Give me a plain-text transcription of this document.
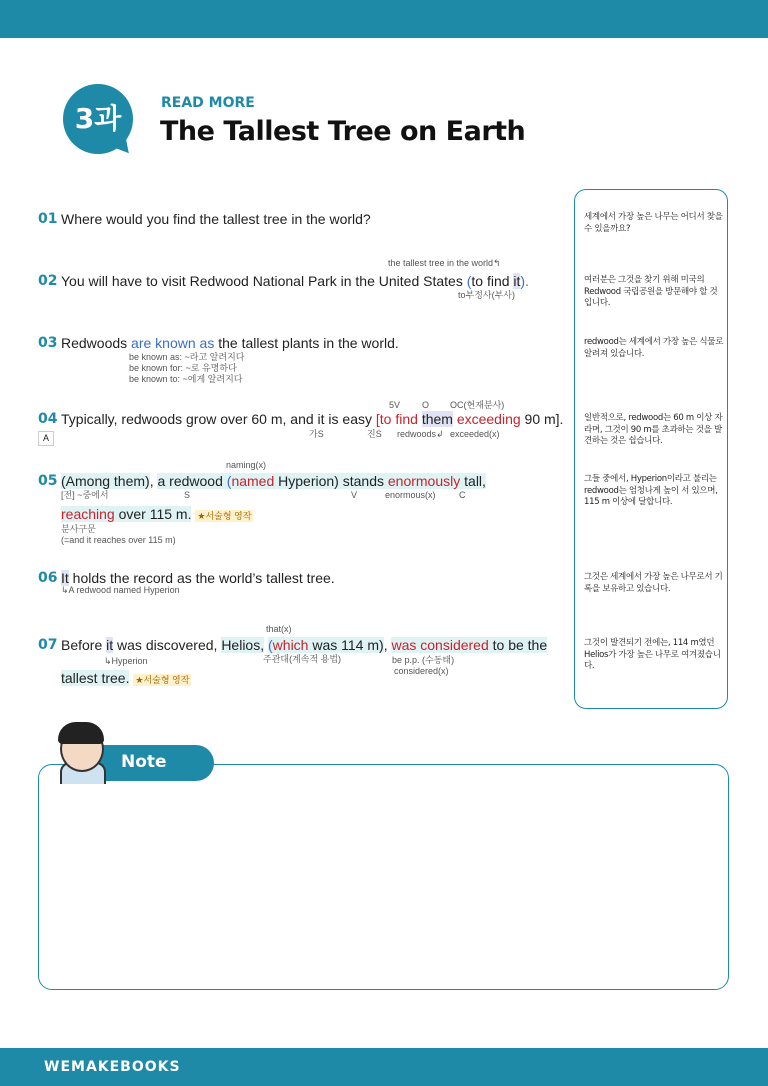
3과	READ MORE
The Tallest Tree on Earth
01 Where would you find the tallest tree in the world?
the tallest tree in the world↰
02 You will have to visit Redwood National Park in the United States (to find it).
to부정사(부사)
03 Redwoods are known as the tallest plants in the world.
be known as: ~라고 알려지다
be known for: ~로 유명하다
be known to: ~에게 알려지다
5V O OC(현재분사)
04 Typically, redwoods grow over 60 m, and it is easy [to find them exceeding 90 m].
A	가S	진S redwoods↲ exceeded(x)
naming(x)
05 (Among them), a redwood (named Hyperion) stands enormously tall,
[전] ~중에서	S	V	enormous(x)	C
reaching over 115 m. ★서술형 영작
분사구문
(=and it reaches over 115 m)
06 It holds the record as the world’s tallest tree.
↳A redwood named Hyperion
that(x)
07 Before it was discovered, Helios, (which was 114 m), was considered to be the
↳Hyperion	주관대(계속적 용법)	be p.p. (수동태)
considered(x)
tallest tree. ★서술형 영작
세계에서 가장 높은 나무는 어디서 찾을 수 있을까요?
여러분은 그것을 찾기 위해 미국의 Redwood 국립공원을 방문해야 할 것입니다.
redwood는 세계에서 가장 높은 식물로 알려져 있습니다.
일반적으로, redwood는 60 m 이상 자라며, 그것이 90 m를 초과하는 것을 발견하는 것은 쉽습니다.
그들 중에서, Hyperion이라고 불리는 redwood는 엄청나게 높이 서 있으며, 115 m 이상에 달합니다.
그것은 세계에서 가장 높은 나무로서 기록을 보유하고 있습니다.
그것이 발견되기 전에는, 114 m였던 Helios가 가장 높은 나무로 여겨졌습니다.
Note
WEMAKEBOOKS
